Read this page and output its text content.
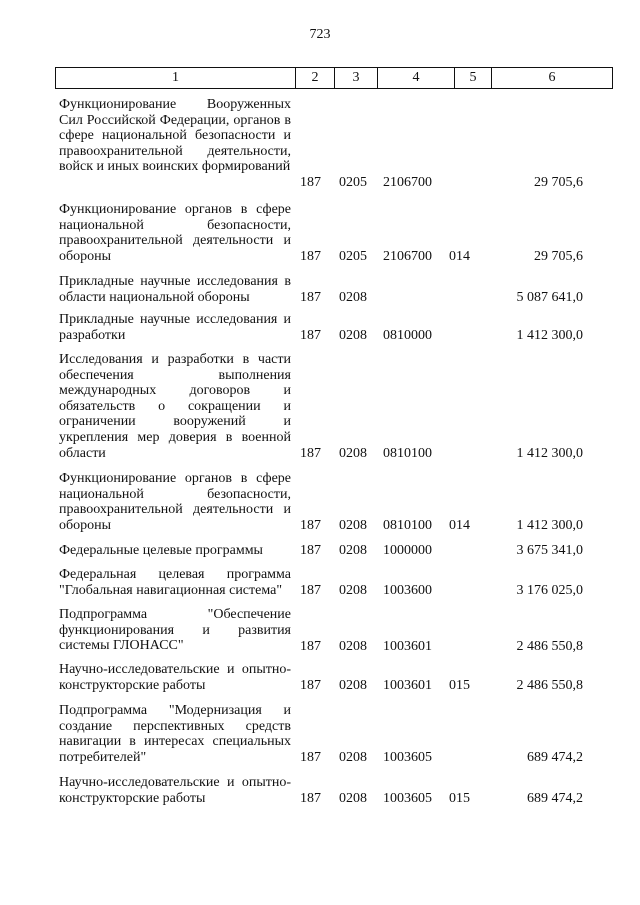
723
1	2	3	4	5	6
Функционирование Вооруженных Сил Российской Федерации, органов в сфере национальной безопасности и правоохранительной деятельности, войск и иных воинских формирований
187 0205 2106700	29 705,6
Функционирование органов в сфере национальной безопасности, правоохранительной деятельности и обороны	187 0205 2106700 014	29 705,6
Прикладные научные исследования в области национальной обороны	187 0208	5 087 641,0
Прикладные научные исследования и разработки	187 0208 0810000	1 412 300,0
Исследования и разработки в части обеспечения выполнения международных договоров и обязательств о сокращении и ограничении вооружений и укрепления мер доверия в военной области	187 0208 0810100	1 412 300,0
Функционирование органов в сфере национальной безопасности, правоохранительной деятельности и обороны	187 0208 0810100 014	1 412 300,0
Федеральные целевые программы	187 0208 1000000	3 675 341,0
Федеральная целевая программа "Глобальная навигационная система"	187 0208 1003600	3 176 025,0
Подпрограмма "Обеспечение функционирования и развития системы ГЛОНАСС"	187 0208 1003601	2 486 550,8
Научно-исследовательские и опытно-конструкторские работы	187 0208 1003601 015	2 486 550,8
Подпрограмма "Модернизация и создание перспективных средств навигации в интересах специальных потребителей"	187 0208 1003605	689 474,2
Научно-исследовательские и опытно-конструкторские работы	187 0208 1003605 015	689 474,2
